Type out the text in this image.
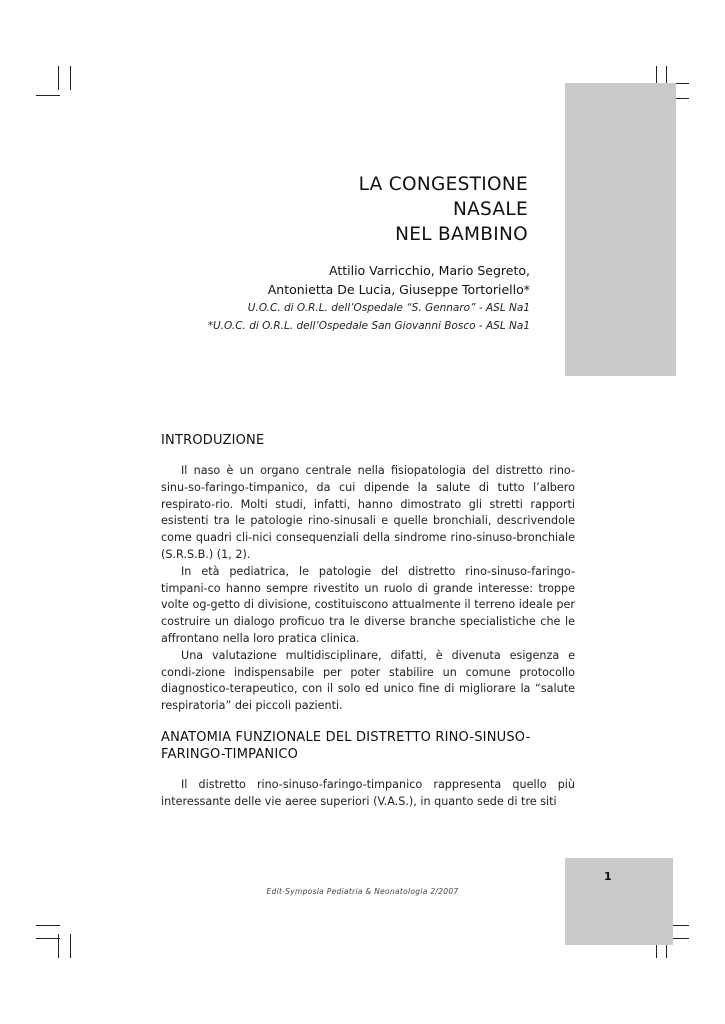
LA CONGESTIONE
NASALE
NEL BAMBINO
Attilio Varricchio, Mario Segreto,
Antonietta De Lucia, Giuseppe Tortoriello*
U.O.C. di O.R.L. dell’Ospedale “S. Gennaro” - ASL Na1
*U.O.C. di O.R.L. dell’Ospedale San Giovanni Bosco - ASL Na1
INTRODUZIONE

Il naso è un organo centrale nella fisiopatologia del distretto rino-sinu-so-faringo-timpanico, da cui dipende la salute di tutto l’albero respirato-rio. Molti studi, infatti, hanno dimostrato gli stretti rapporti esistenti tra le patologie rino-sinusali e quelle bronchiali, descrivendole come quadri cli-nici consequenziali della sindrome rino-sinuso-bronchiale (S.R.S.B.) (1, 2).

In età pediatrica, le patologie del distretto rino-sinuso-faringo-timpani-co hanno sempre rivestito un ruolo di grande interesse: troppe volte og-getto di divisione, costituiscono attualmente il terreno ideale per costruire un dialogo proficuo tra le diverse branche specialistiche che le affrontano nella loro pratica clinica.

Una valutazione multidisciplinare, difatti, è divenuta esigenza e condi-zione indispensabile per poter stabilire un comune protocollo diagnostico-terapeutico, con il solo ed unico fine di migliorare la “salute respiratoria” dei piccoli pazienti.

ANATOMIA FUNZIONALE DEL DISTRETTO RINO-SINUSO-FARINGO-TIMPANICO

Il distretto rino-sinuso-faringo-timpanico rappresenta quello più interessante delle vie aeree superiori (V.A.S.), in quanto sede di tre siti

1
Edit-Symposia Pediatria & Neonatologia 2/2007
